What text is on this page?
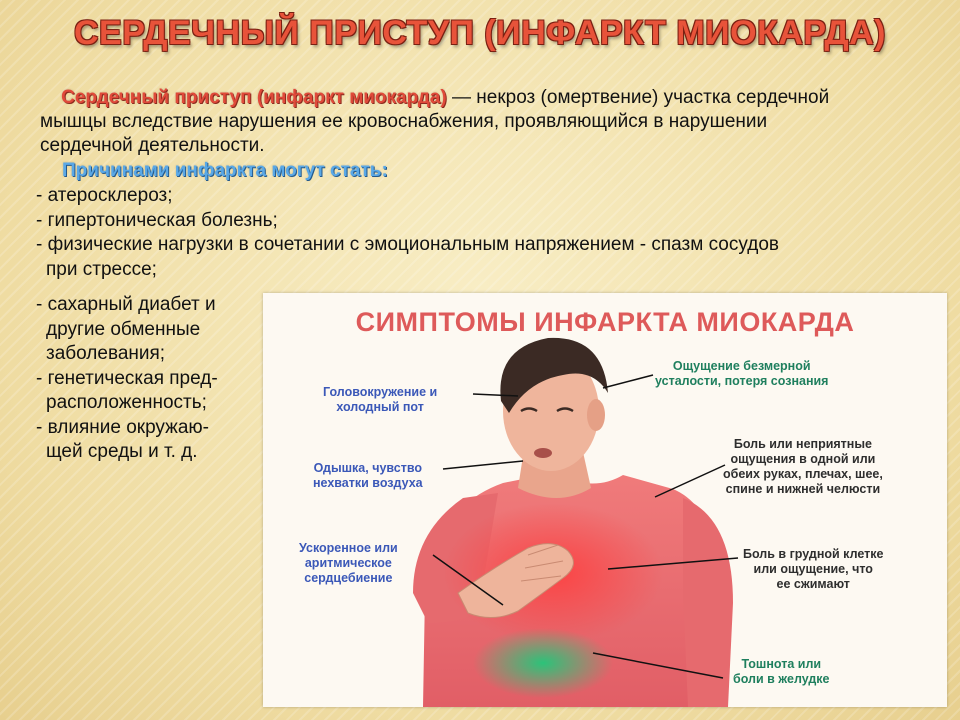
СЕРДЕЧНЫЙ ПРИСТУП (ИНФАРКТ МИОКАРДА)
Сердечный приступ (инфаркт миокарда) — некроз (омертвение) участка сердечной
мышцы вследствие нарушения ее кровоснабжения, проявляющийся в нарушении
сердечной деятельности.
Причинами инфаркта могут стать:
- атеросклероз;
- гипертоническая болезнь;
- физические нагрузки в сочетании с эмоциональным напряжением - спазм сосудов
при стрессе;
- сахарный диабет и
другие обменные
заболевания;
- генетическая пред-
расположенность;
- влияние окружаю-
щей среды и т. д.
СИМПТОМЫ ИНФАРКТА МИОКАРДА
Головокружение и
холодный пот
Одышка, чувство
нехватки воздуха
Ускоренное или
аритмическое
сердцебиение
Ощущение безмерной
усталости, потеря сознания
Боль или неприятные
ощущения в одной или
обеих руках, плечах, шее,
спине и нижней челюсти
Боль в грудной клетке
или ощущение, что
ее сжимают
Тошнота или
боли в желудке
